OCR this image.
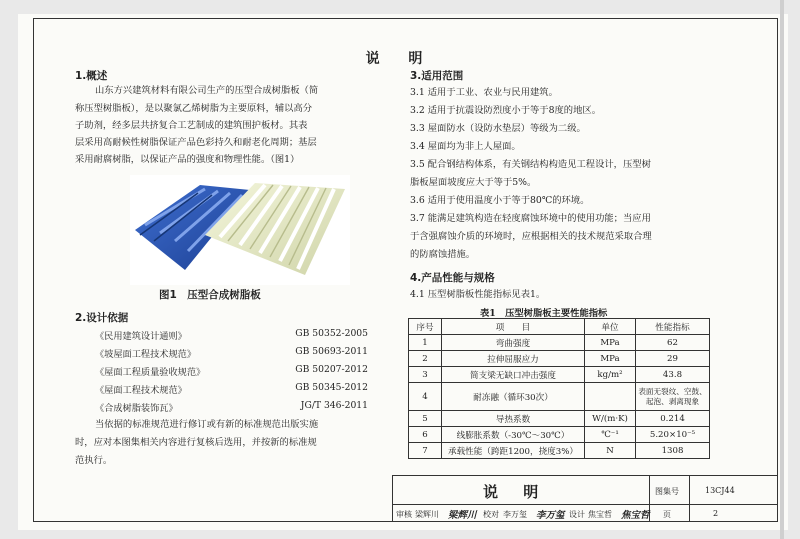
说 明
1.概述
山东方兴建筑材料有限公司生产的压型合成树脂板（简
称压型树脂板），是以聚氯乙烯树脂为主要原料，辅以高分
子助剂，经多层共挤复合工艺制成的建筑围护板材。其表
层采用高耐候性树脂保证产品色彩持久和耐老化周期；基层
采用耐腐树脂，以保证产品的强度和物理性能。（图1）
图1　压型合成树脂板
2.设计依据
《民用建筑设计通则》	GB 50352-2005
《坡屋面工程技术规范》	GB 50693-2011
《屋面工程质量验收规范》	GB 50207-2012
《屋面工程技术规范》	GB 50345-2012
《合成树脂装饰瓦》	JG/T 346-2011
当依据的标准规范进行修订或有新的标准规范出版实施
时，应对本图集相关内容进行复核后选用，并按新的标准规
范执行。
3.适用范围
3.1 适用于工业、农业与民用建筑。
3.2 适用于抗震设防烈度小于等于8度的地区。
3.3 屋面防水（设防水垫层）等级为二级。
3.4 屋面均为非上人屋面。
3.5 配合钢结构体系，有关钢结构构造见工程设计，压型树
脂板屋面坡度应大于等于5%。
3.6 适用于使用温度小于等于80℃的环境。
3.7 能满足建筑构造在轻度腐蚀环境中的使用功能；当应用
于含强腐蚀介质的环境时，应根据相关的技术规范采取合理
的防腐蚀措施。
4.产品性能与规格
4.1 压型树脂板性能指标见表1。
表1　压型树脂板主要性能指标
序号	项　　目	单位	性能指标
1	弯曲强度	MPa	62
2	拉伸屈服应力	MPa	29
3	简支梁无缺口冲击强度	kg/m²	43.8
4	耐冻融（循环30次）		表面无裂纹、空鼓、起泡、剥离现象
5	导热系数	W/(m·K)	0.214
6	线膨胀系数（-30℃～30℃）	℃⁻¹	5.20×10⁻⁵
7	承载性能（跨距1200，挠度3%）	N	1308
说 明	图集号	13CJ44
审核 梁辉川 梁辉川 校对 李万玺 李万玺 设计 焦宝哲 焦宝哲 页	2
